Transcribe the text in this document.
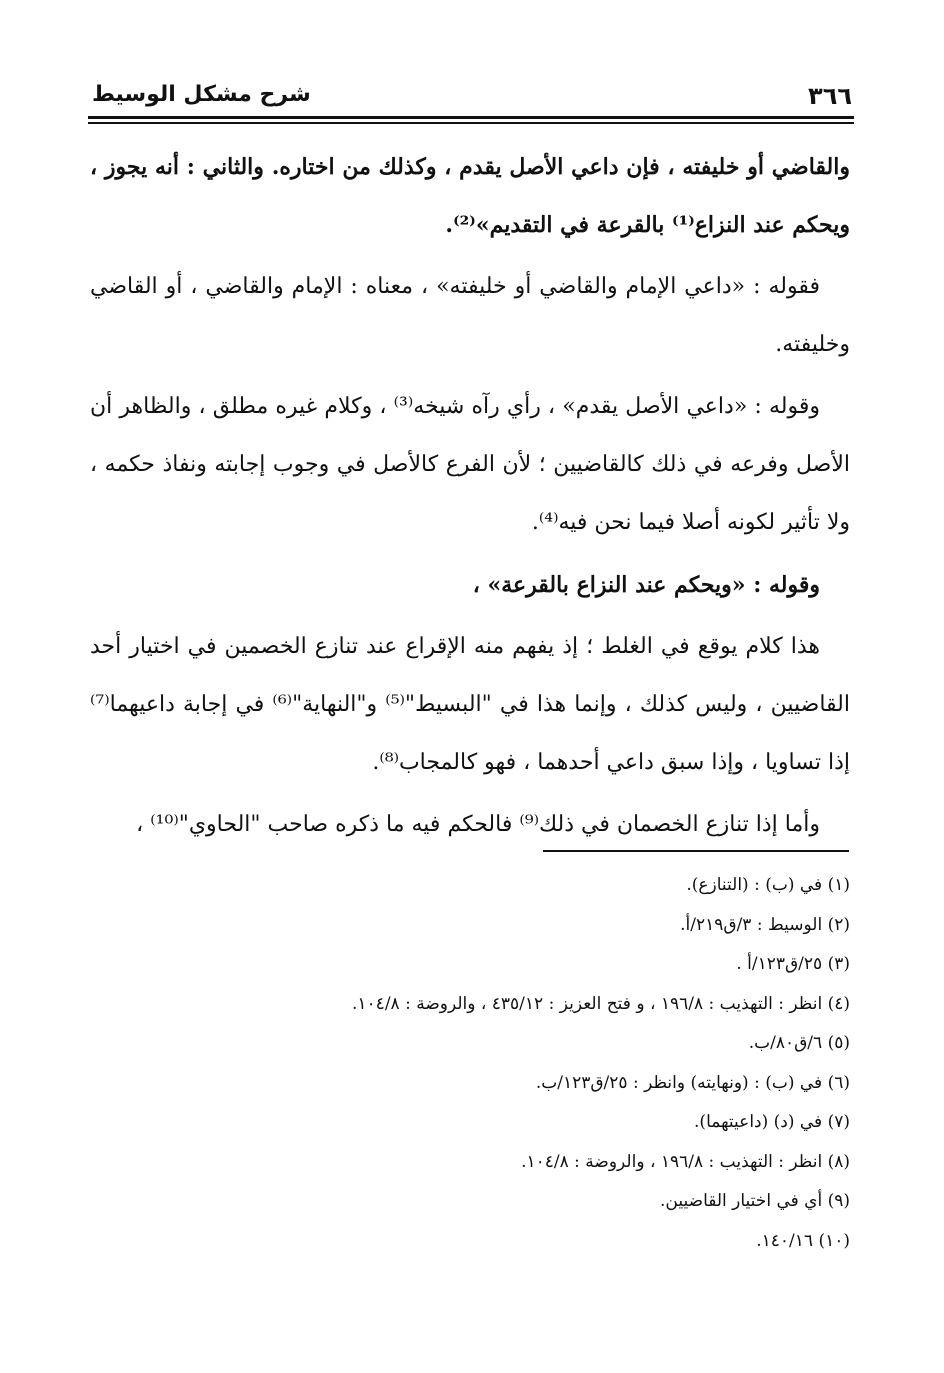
٣٦٦
شرح مشكل الوسيط

والقاضي أو خليفته ، فإن داعي الأصل يقدم ، وكذلك من اختاره. والثاني : أنه يجوز ، ويحكم عند النزاع⁽¹⁾ بالقرعة في التقديم»⁽²⁾.

فقوله : «داعي الإمام والقاضي أو خليفته» ، معناه : الإمام والقاضي ، أو القاضي وخليفته.

وقوله : «داعي الأصل يقدم» ، رأي رآه شيخه⁽³⁾ ، وكلام غيره مطلق ، والظاهر أن الأصل وفرعه في ذلك كالقاضيين ؛ لأن الفرع كالأصل في وجوب إجابته ونفاذ حكمه ، ولا تأثير لكونه أصلا فيما نحن فيه⁽⁴⁾.

وقوله : «ويحكم عند النزاع بالقرعة» ،

هذا كلام يوقع في الغلط ؛ إذ يفهم منه الإقراع عند تنازع الخصمين في اختيار أحد القاضيين ، وليس كذلك ، وإنما هذا في "البسيط"⁽⁵⁾ و"النهاية"⁽⁶⁾ في إجابة داعيهما⁽⁷⁾ إذا تساويا ، وإذا سبق داعي أحدهما ، فهو كالمجاب⁽⁸⁾.

وأما إذا تنازع الخصمان في ذلك⁽⁹⁾ فالحكم فيه ما ذكره صاحب "الحاوي"⁽¹⁰⁾ ،

(١) في (ب) : (التنازع).

(٢) الوسيط : ٣/ق٢١٩/أ.

(٣) ٢٥/ق١٢٣/أ .

(٤) انظر : التهذيب : ١٩٦/٨ ، و فتح العزيز : ٤٣٥/١٢ ، والروضة : ١٠٤/٨.

(٥) ٦/ق٨٠/ب.

(٦) في (ب) : (ونهايته) وانظر : ٢٥/ق١٢٣/ب.

(٧) في (د) (داعيتهما).

(٨) انظر : التهذيب : ١٩٦/٨ ، والروضة : ١٠٤/٨.

(٩) أي في اختيار القاضيين.

(١٠) ١٤٠/١٦.
